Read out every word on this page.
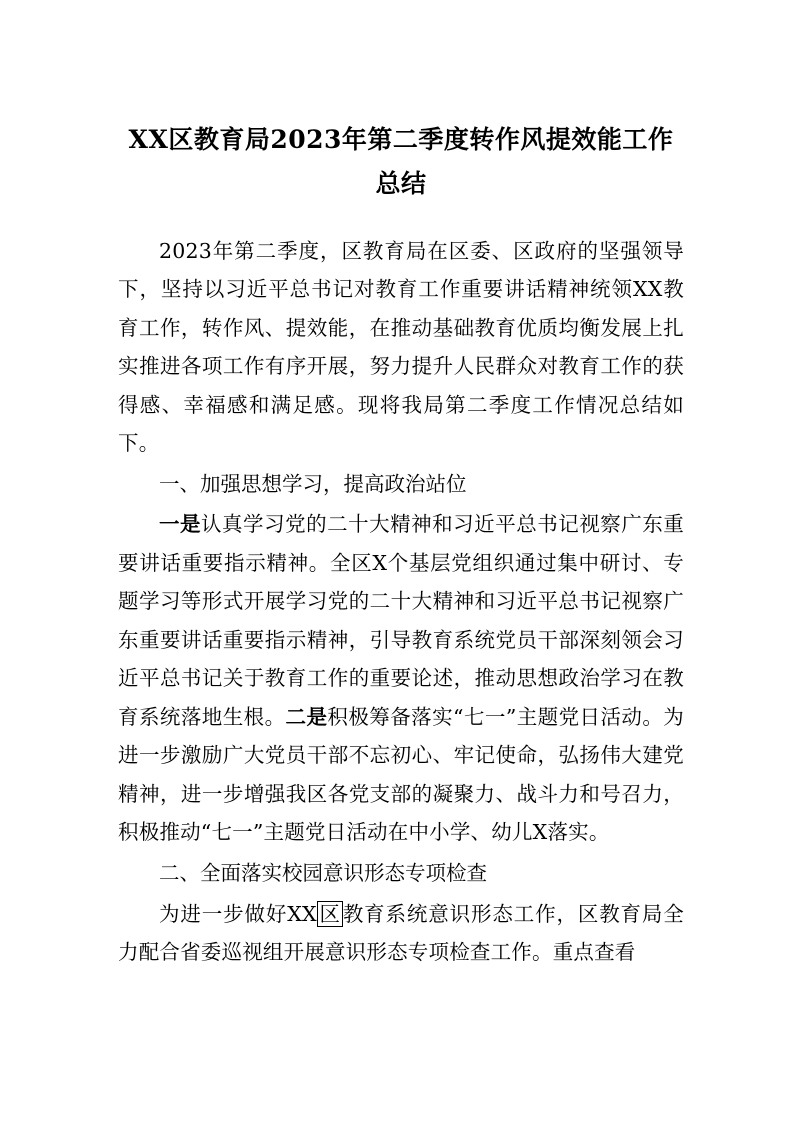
XX区教育局2023年第二季度转作风提效能工作总结

2023年第二季度，区教育局在区委、区政府的坚强领导下，坚持以习近平总书记对教育工作重要讲话精神统领XX教育工作，转作风、提效能，在推动基础教育优质均衡发展上扎实推进各项工作有序开展，努力提升人民群众对教育工作的获得感、幸福感和满足感。现将我局第二季度工作情况总结如下。

一、加强思想学习，提高政治站位

一是认真学习党的二十大精神和习近平总书记视察广东重要讲话重要指示精神。全区X个基层党组织通过集中研讨、专题学习等形式开展学习党的二十大精神和习近平总书记视察广东重要讲话重要指示精神，引导教育系统党员干部深刻领会习近平总书记关于教育工作的重要论述，推动思想政治学习在教育系统落地生根。二是积极筹备落实“七一”主题党日活动。为进一步激励广大党员干部不忘初心、牢记使命，弘扬伟大建党精神，进一步增强我区各党支部的凝聚力、战斗力和号召力，积极推动“七一”主题党日活动在中小学、幼儿X落实。

二、全面落实校园意识形态专项检查

为进一步做好XX区教育系统意识形态工作，区教育局全力配合省委巡视组开展意识形态专项检查工作。重点查看
